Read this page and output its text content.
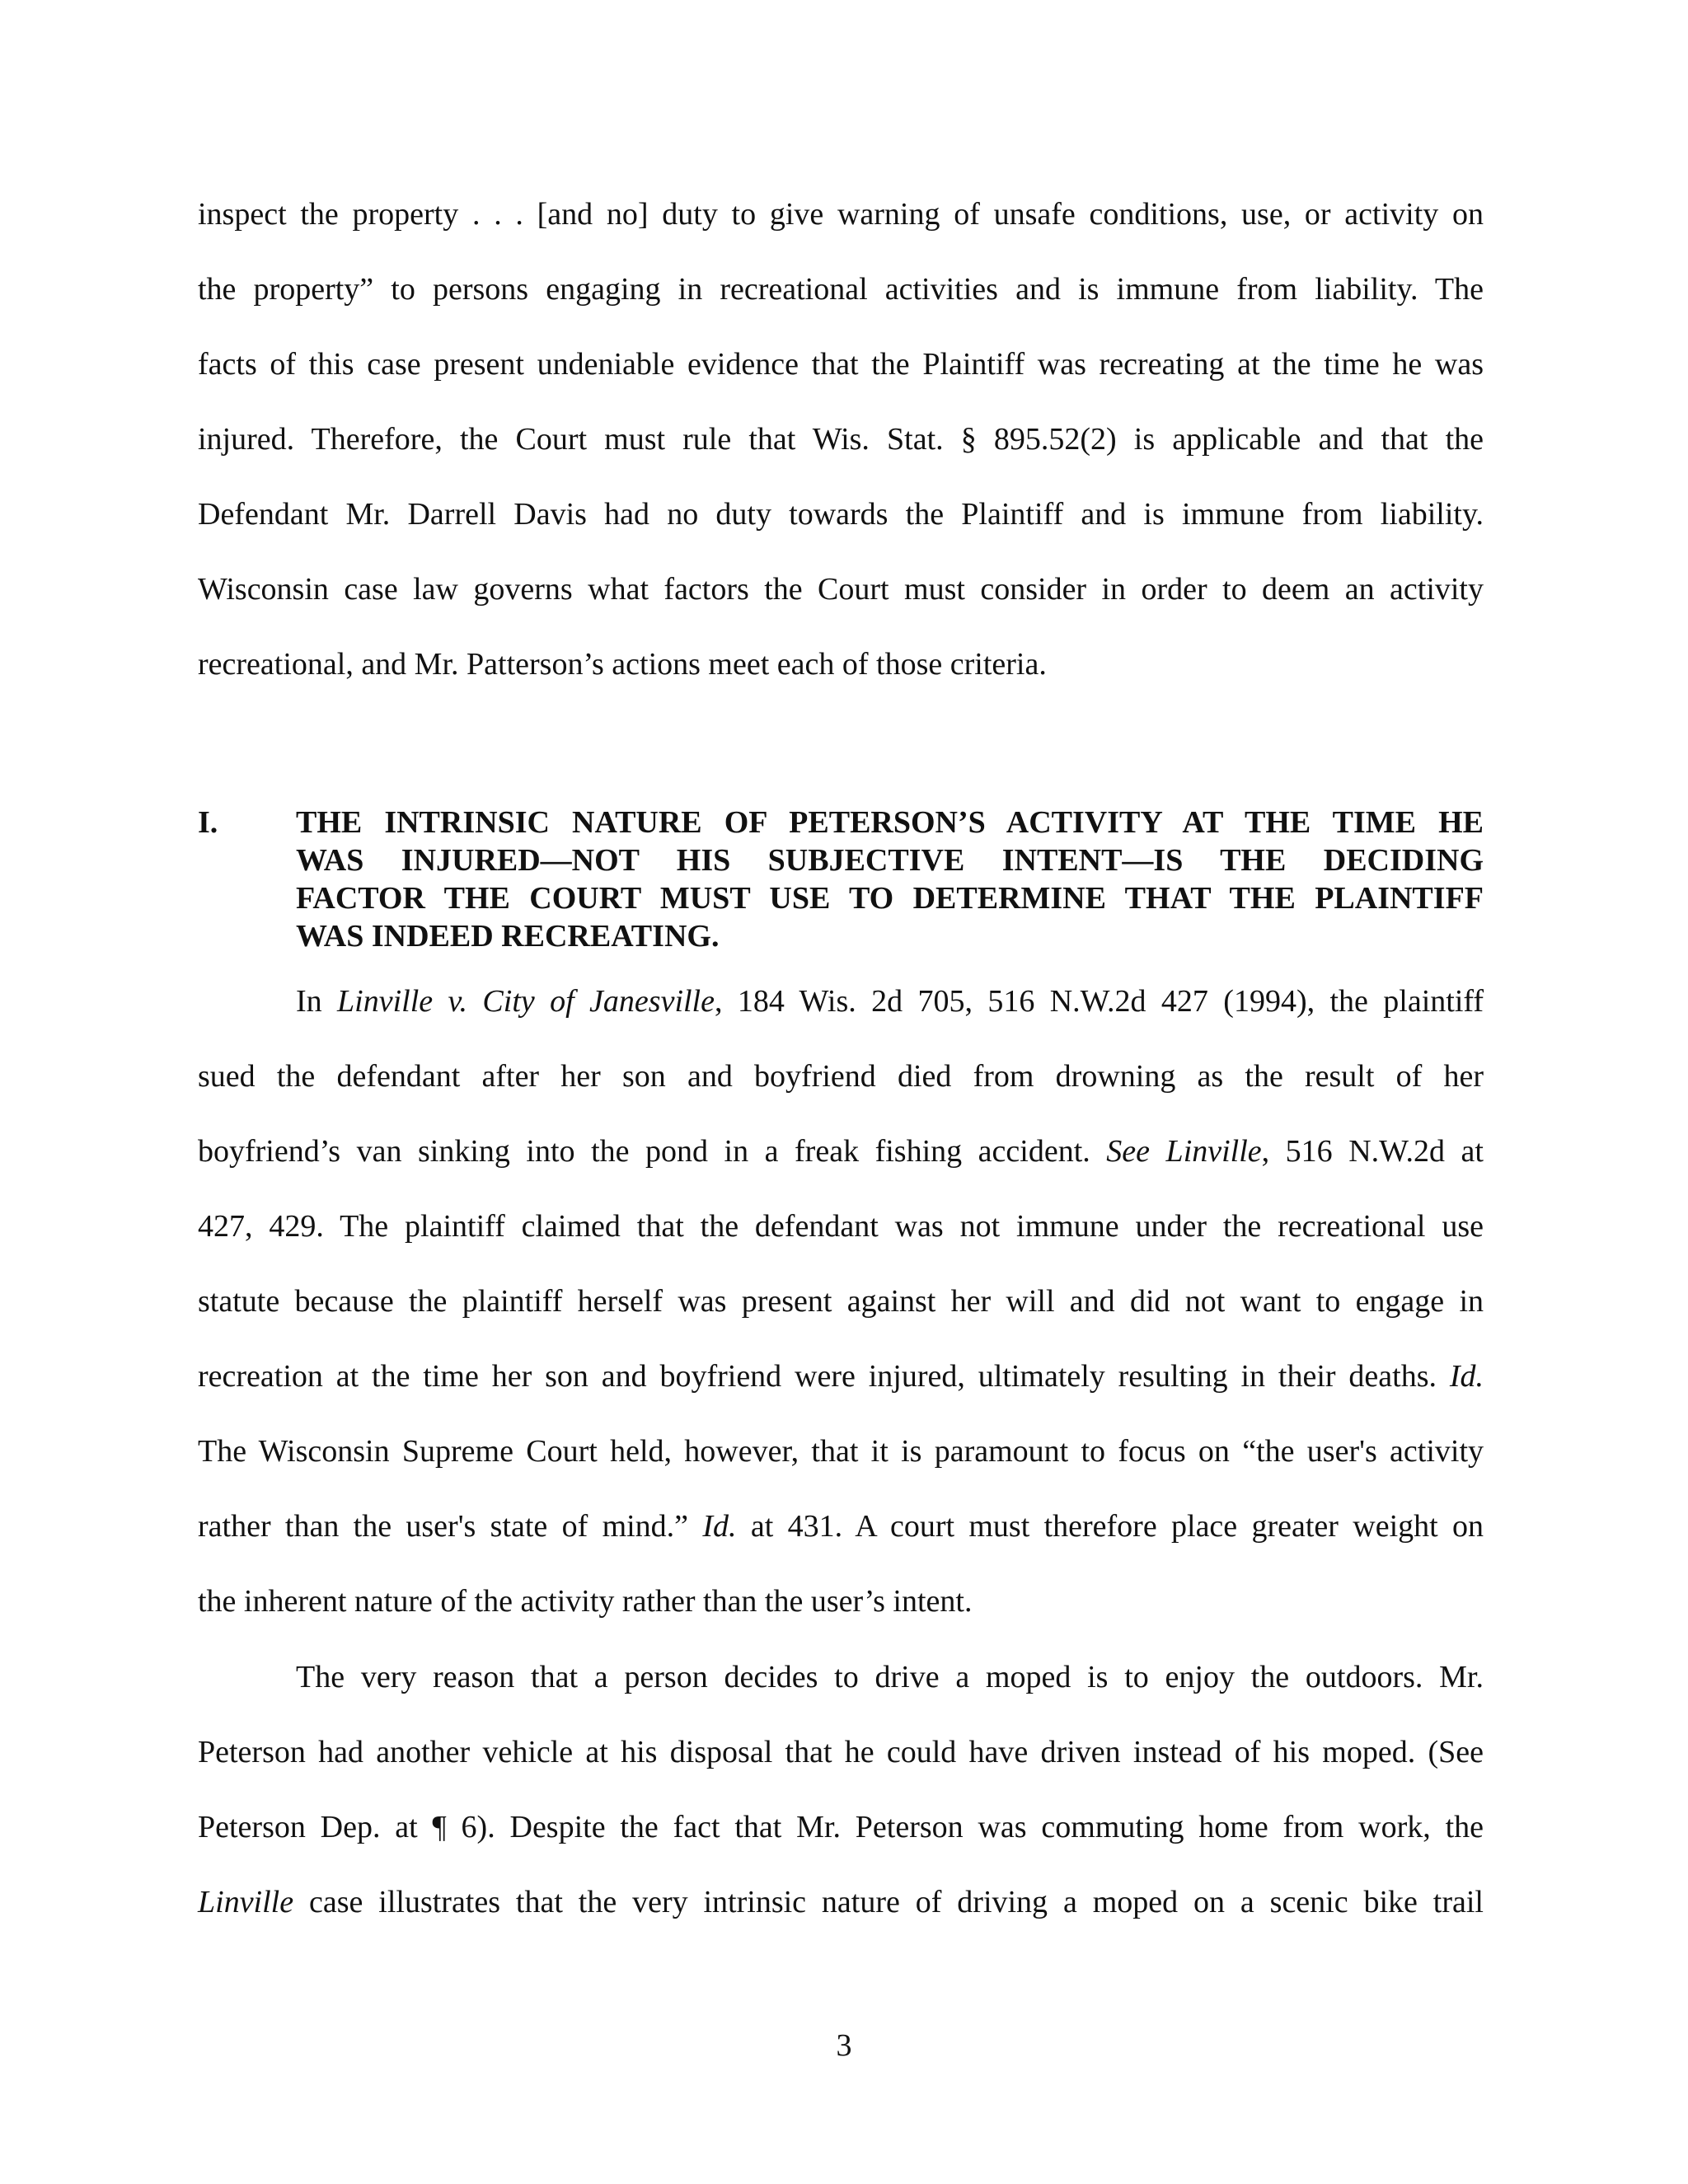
inspect the property . . . [and no] duty to give warning of unsafe conditions, use, or activity on
the property” to persons engaging in recreational activities and is immune from liability. The
facts of this case present undeniable evidence that the Plaintiff was recreating at the time he was
injured. Therefore, the Court must rule that Wis. Stat. § 895.52(2) is applicable and that the
Defendant Mr. Darrell Davis had no duty towards the Plaintiff and is immune from liability.
Wisconsin case law governs what factors the Court must consider in order to deem an activity
recreational, and Mr. Patterson’s actions meet each of those criteria.
I. THE INTRINSIC NATURE OF PETERSON’S ACTIVITY AT THE TIME HE
WAS INJURED—NOT HIS SUBJECTIVE INTENT—IS THE DECIDING
FACTOR THE COURT MUST USE TO DETERMINE THAT THE PLAINTIFF
WAS INDEED RECREATING.
In Linville v. City of Janesville, 184 Wis. 2d 705, 516 N.W.2d 427 (1994), the plaintiff
sued the defendant after her son and boyfriend died from drowning as the result of her
boyfriend’s van sinking into the pond in a freak fishing accident. See Linville, 516 N.W.2d at
427, 429. The plaintiff claimed that the defendant was not immune under the recreational use
statute because the plaintiff herself was present against her will and did not want to engage in
recreation at the time her son and boyfriend were injured, ultimately resulting in their deaths. Id.
The Wisconsin Supreme Court held, however, that it is paramount to focus on “the user's activity
rather than the user's state of mind.” Id. at 431. A court must therefore place greater weight on
the inherent nature of the activity rather than the user’s intent.
The very reason that a person decides to drive a moped is to enjoy the outdoors. Mr.
Peterson had another vehicle at his disposal that he could have driven instead of his moped. (See
Peterson Dep. at ¶ 6). Despite the fact that Mr. Peterson was commuting home from work, the
Linville case illustrates that the very intrinsic nature of driving a moped on a scenic bike trail
3
